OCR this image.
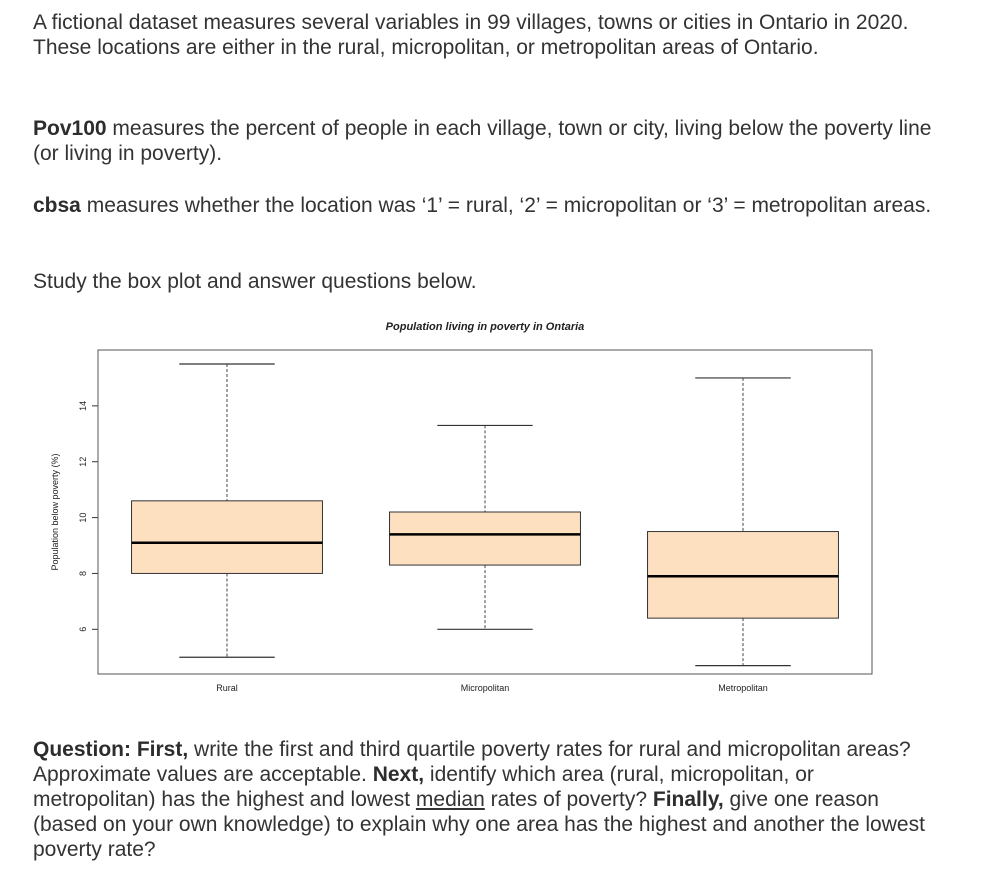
A fictional dataset measures several variables in 99 villages, towns or cities in Ontario in 2020. These locations are either in the rural, micropolitan, or metropolitan areas of Ontario.

Pov100 measures the percent of people in each village, town or city, living below the poverty line (or living in poverty).

cbsa measures whether the location was ‘1’ = rural, ‘2’ = micropolitan or ‘3’ = metropolitan areas.

Study the box plot and answer questions below.

Question: First, write the first and third quartile poverty rates for rural and micropolitan areas? Approximate values are acceptable. Next, identify which area (rural, micropolitan, or metropolitan) has the highest and lowest median rates of poverty? Finally, give one reason (based on your own knowledge) to explain why one area has the highest and another the lowest poverty rate?

Population living in poverty in Ontaria
Population below poverty (%)
6
8
10
12
14
Rural	Micropolitan	Metropolitan
